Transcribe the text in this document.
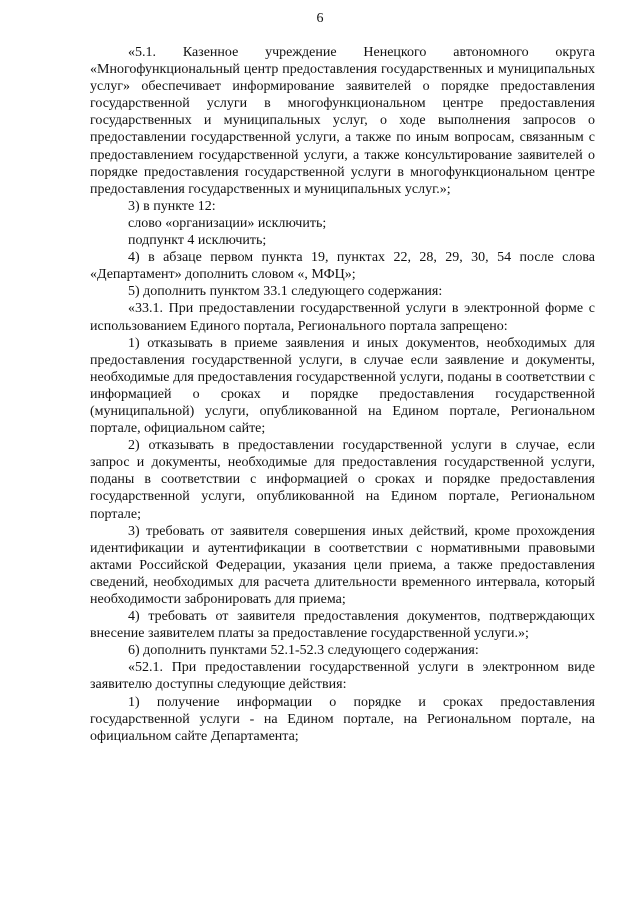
6

«5.1. Казенное учреждение Ненецкого автономного округа «Многофункциональный центр предоставления государственных и муниципальных услуг» обеспечивает информирование заявителей о порядке предоставления государственной услуги в многофункциональном центре предоставления государственных и муниципальных услуг, о ходе выполнения запросов о предоставлении государственной услуги, а также по иным вопросам, связанным с предоставлением государственной услуги, а также консультирование заявителей о порядке предоставления государственной услуги в многофункциональном центре предоставления государственных и муниципальных услуг.»;

3) в пункте 12:

слово «организации» исключить;

подпункт 4 исключить;

4) в абзаце первом пункта 19, пунктах 22, 28, 29, 30, 54 после слова «Департамент» дополнить словом «, МФЦ»;

5) дополнить пунктом 33.1 следующего содержания:

«33.1. При предоставлении государственной услуги в электронной форме с использованием Единого портала, Регионального портала запрещено:

1) отказывать в приеме заявления и иных документов, необходимых для предоставления государственной услуги, в случае если заявление и документы, необходимые для предоставления государственной услуги, поданы в соответствии с информацией о сроках и порядке предоставления государственной (муниципальной) услуги, опубликованной на Едином портале, Региональном портале, официальном сайте;

2) отказывать в предоставлении государственной услуги в случае, если запрос и документы, необходимые для предоставления государственной услуги, поданы в соответствии с информацией о сроках и порядке предоставления государственной услуги, опубликованной на Едином портале, Региональном портале;

3) требовать от заявителя совершения иных действий, кроме прохождения идентификации и аутентификации в соответствии с нормативными правовыми актами Российской Федерации, указания цели приема, а также предоставления сведений, необходимых для расчета длительности временного интервала, который необходимости забронировать для приема;

4) требовать от заявителя предоставления документов, подтверждающих внесение заявителем платы за предоставление государственной услуги.»;

6) дополнить пунктами 52.1-52.3 следующего содержания:

«52.1. При предоставлении государственной услуги в электронном виде заявителю доступны следующие действия:

1) получение информации о порядке и сроках предоставления государственной услуги - на Едином портале, на Региональном портале, на официальном сайте Департамента;
